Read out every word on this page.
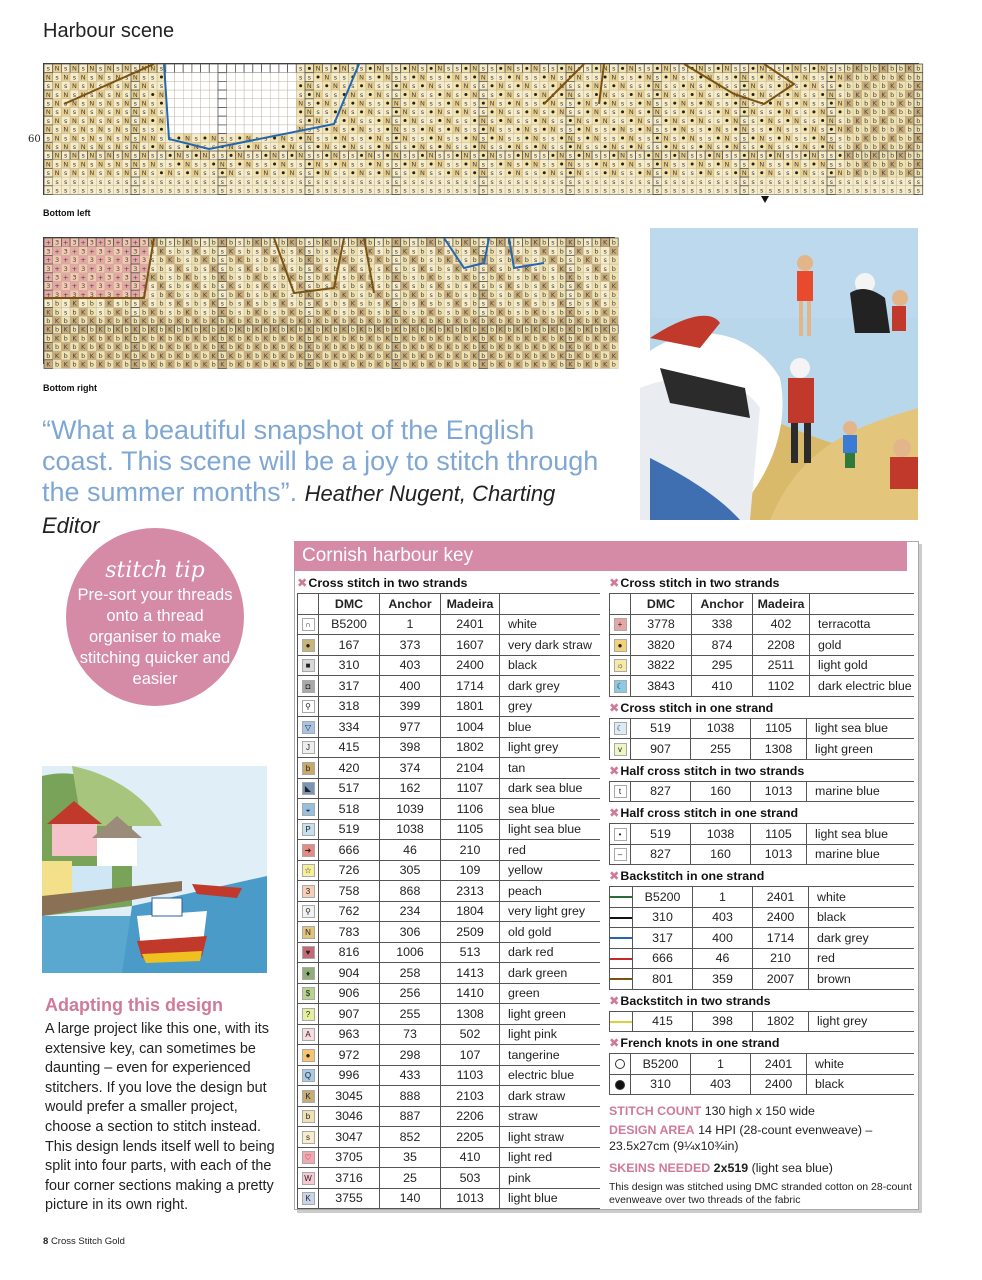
Harbour scene
60
s N s N s N s N s N s N N s	s N s N s s N s s N s N s s N s s N s N s s N s s N s N s s N s s N s N s s N s s N s N s s b K b b K b b K b
N s N s N s N s N s N s s	s s N s s N s N s s N s s N s N s s N s s N s N s s N s s N s N s s N s s N s N s s N s s N K b b K b b K b b
s N s N s N s N s N s N s s	N s N s s N s s N s N s s N s s N s N s s N s s N s N s s N s s N s N s s N s s N s N s s b b K b b K b b K
N s N s N s N s N s N s N	s N s s N s N s s N s s N s N s s N s s N s N s s N s s N s N s s N s s N s N s s N s s N s b K b b K b b K b
s N s N s N s N s N s N s	N s N s s N s s N s N s s N s s N s N s s N s s N s N s s N s s N s N s s N s s N s N s s N K b b K b b K b b
N s N s N s N s N s N s N s	N s s N s N s s N s s N s N s s N s s N s N s s N s s N s N s s N s s N s N s s N s s N s b b K b b K b b K
s N s N s N s N s N s N N	s N s s N s s N s N s s N s s N s N s s N s s N s N s s N s s N s N s s N s s N s N s s N s b K b b K b b K b
N s N s N s N s N s N s s	N s s N s N s s N s s N s N s s N s s N s N s s N s s N s N s s N s s N s N s s N s s N s N K b b K b b K b b
s N s N s N s N s N s N N s s N s N s s N s s N s N s s N s s N s N s s N s s N s N s s N s s N s N s s N s s N s N s s N s s N s N s s N s s b b K b b K b b K
N s N s N s N s N s N s N s s N s s N s N s s N s s N s N s s N s s N s N s s N s s N s N s s N s s N s N s s N s s N s N s s N s s N s N s b K b b K b b K b
s N s N s N s N s N s N s s N s N s s N s s N s N s s N s s N s N s s N s s N s N s s N s s N s N s s N s s N s N s s N s s N s N s s N s s K b b K b b K b b
N s N s N s N s N s N s N s s N s s N s N s s N s s N s N s s N s s N s N s s N s s N s N s s N s s N s N s s N s s N s N s s N s s N s N s s b b K b b K b b K
s N s N s N s N s N s N s N s N s s N s s N s N s s N s s N s N s s N s s N s N s s N s s N s N s s N s s N s N s s N s s N s N s s N s s N b K b b K b b K b
s s s s s s s s s s s s s s s s s s s s s s s s s s s s s s s s s s s s s s s s s s s s s s s s s s s s s s s s s s s s s s s s s s s s s s s s s s s s s s s s s s s s s s s s s s s s s s s s s s s s s
s s s s s s s s s s s s s s s s s s s s s s s s s s s s s s s s s s s s s s s s s s s s s s s s s s s s s s s s s s s s s s s s s s s s s s s s s s s s s s s s s s s s s s s s s s s s s s s s s s s s s
Bottom left
+ 3 + 3 + 3 + 3 + 3 + 3 K b s b K b s b K b s b K b s b K b s b K b s b K b s b K b s b K b s b K b s b K b s b K b s b K b s b K b
3 + 3 + 3 + 3 + 3 + 3 + s K s b s K s b s K s b s K s b s K s b s K s b s K s b s K s b s K s b s K s b s K s b s K s b s K s b s K
+ 3 + 3 + 3 + 3 + 3 + 3 s b K b s b K b s b K b s b K b s b K b s b K b s b K b s b K b s b K b s b K b s b K b s b K b s b K b s b
3 + 3 + 3 + 3 + 3 + 3 + s b s K s b s K s b s K s b s K s b s K s b s K s b s K s b s K s b s K s b s K s b s K s b s K s b s K s b
+ 3 + 3 + 3 + 3 + 3 + 3 K b s b K b s b K b s b K b s b K b s b K b s b K b s b K b s b K b s b K b s b K b s b K b s b K b s b K b
3 + 3 + 3 + 3 + 3 + 3 + s K s b s K s b s K s b s K s b s K s b s K s b s K s b s K s b s K s b s K s b s K s b s K s b s K s b s K
+ 3 + 3 + 3 + 3 + 3 + 3 s b K b s b K b s b K b s b K b s b K b s b K b s b K b s b K b s b K b s b K b s b K b s b K b s b K b s b
s b s K s b s K s b s K s b s K s b s K s b s K s b s K s b s K s b s K s b s K s b s K s b s K s b s K s b s K s b s K s b s K s b
K b s b K b s b K b s b K b s b K b s b K b s b K b s b K b s b K b s b K b s b K b s b K b s b K b s b K b s b K b s b K b s b K b
b K b K b K b K b K b K b K b K b K b K b K b K b K b K b K b K b K b K b K b K b K b K b K b K b K b K b K b K b K b K b K b K b K
K b K b K b K b K b K b K b K b K b K b K b K b K b K b K b K b K b K b K b K b K b K b K b K b K b K b K b K b K b K b K b K b K b
b K b K b K b K b K b K b K b K b K b K b K b K b K b K b K b K b K b K b K b K b K b K b K b K b K b K b K b K b K b K b K b K b K
K b K b K b K b K b K b K b K b K b K b K b K b K b K b K b K b K b K b K b K b K b K b K b K b K b K b K b K b K b K b K b K b K b
b K b K b K b K b K b K b K b K b K b K b K b K b K b K b K b K b K b K b K b K b K b K b K b K b K b K b K b K b K b K b K b K b K
K b K b K b K b K b K b K b K b K b K b K b K b K b K b K b K b K b K b K b K b K b K b K b K b K b K b K b K b K b K b K b K b K b
Bottom right
“What a beautiful snapshot of the English coast. This scene will be a joy to stitch through the summer months”. Heather Nugent, Charting Editor
stitch tip
Pre-sort your threads onto a thread organiser to make stitching quicker and easier
Adapting this design
A large project like this one, with its extensive key, can sometimes be daunting – even for experienced stitchers. If you love the design but would prefer a smaller project, choose a section to stitch instead. This design lends itself well to being split into four parts, with each of the four corner sections making a pretty picture in its own right.
8 Cross Stitch Gold
Cornish harbour key
✖Cross stitch in two strands
	DMC	Anchor	Madeira	
∩	B5200	1	2401	white
●	167	373	1607	very dark straw
■	310	403	2400	black
◘	317	400	1714	dark grey
⚲	318	399	1801	grey
▽	334	977	1004	blue
J	415	398	1802	light grey
b	420	374	2104	tan
◣	517	162	1107	dark sea blue
◒	518	1039	1106	sea blue
P	519	1038	1105	light sea blue
➜	666	46	210	red
☆	726	305	109	yellow
3	758	868	2313	peach
⚲	762	234	1804	very light grey
N	783	306	2509	old gold
♥	816	1006	513	dark red
♦	904	258	1413	dark green
$	906	256	1410	green
?	907	255	1308	light green
A	963	73	502	light pink
●	972	298	107	tangerine
Q	996	433	1103	electric blue
K	3045	888	2103	dark straw
b	3046	887	2206	straw
s	3047	852	2205	light straw
♡	3705	35	410	light red
W	3716	25	503	pink
K	3755	140	1013	light blue
✖Cross stitch in two strands
	DMC	Anchor	Madeira	
+	3778	338	402	terracotta
●	3820	874	2208	gold
☼	3822	295	2511	light gold
☾	3843	410	1102	dark electric blue
✖Cross stitch in one strand
☾	519	1038	1105	light sea blue
v	907	255	1308	light green
✖Half cross stitch in two strands
t	827	160	1013	marine blue
✖Half cross stitch in one strand
•	519	1038	1105	light sea blue
–	827	160	1013	marine blue
✖Backstitch in one strand
	B5200	1	2401	white
	310	403	2400	black
	317	400	1714	dark grey
	666	46	210	red
	801	359	2007	brown
✖Backstitch in two strands
	415	398	1802	light grey
✖French knots in one strand
	B5200	1	2401	white
	310	403	2400	black
STITCH COUNT 130 high x 150 wide
DESIGN AREA 14 HPI (28-count evenweave) – 23.5x27cm (9¼x10¾in)
SKEINS NEEDED 2x519 (light sea blue)
This design was stitched using DMC stranded cotton on 28-count evenweave over two threads of the fabric
